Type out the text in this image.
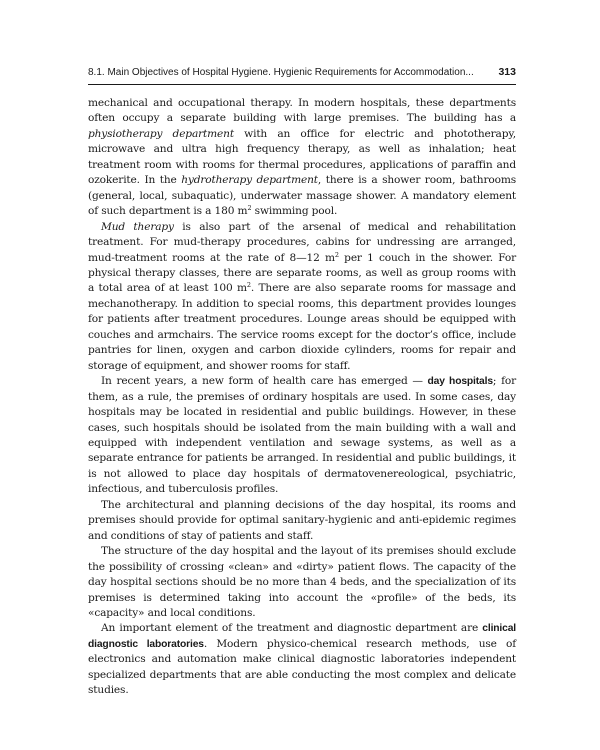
8.1. Main Objectives of Hospital Hygiene. Hygienic Requirements for Accommodation... 313

mechanical and occupational therapy. In modern hospitals, these departments often occupy a separate building with large premises. The building has a physiotherapy department with an office for electric and phototherapy, microwave and ultra high frequency therapy, as well as inhalation; heat treatment room with rooms for thermal procedures, applications of paraffin and ozokerite. In the hydrotherapy department, there is a shower room, bathrooms (general, local, subaquatic), underwater massage shower. A mandatory element of such department is a 180 $m^2$ swimming pool.

Mud therapy is also part of the arsenal of medical and rehabilitation treatment. For mud-therapy procedures, cabins for undressing are arranged, mud-treatment rooms at the rate of 8—12 $m^2$ per 1 couch in the shower. For physical therapy classes, there are separate rooms, as well as group rooms with a total area of at least 100 $m^2$. There are also separate rooms for massage and mechanotherapy. In addition to special rooms, this department provides lounges for patients after treatment procedures. Lounge areas should be equipped with couches and armchairs. The service rooms except for the doctor’s office, include pantries for linen, oxygen and carbon dioxide cylinders, rooms for repair and storage of equipment, and shower rooms for staff.

In recent years, a new form of health care has emerged — day hospitals; for them, as a rule, the premises of ordinary hospitals are used. In some cases, day hospitals may be located in residential and public buildings. However, in these cases, such hospitals should be isolated from the main building with a wall and equipped with independent ventilation and sewage systems, as well as a separate entrance for patients be arranged. In residential and public buildings, it is not allowed to place day hospitals of dermatovenereological, psychiatric, infectious, and tuberculosis profiles.

The architectural and planning decisions of the day hospital, its rooms and premises should provide for optimal sanitary-hygienic and anti-epidemic regimes and conditions of stay of patients and staff.

The structure of the day hospital and the layout of its premises should exclude the possibility of crossing «clean» and «dirty» patient flows. The capacity of the day hospital sections should be no more than 4 beds, and the specialization of its premises is determined taking into account the «profile» of the beds, its «capacity» and local conditions.

An important element of the treatment and diagnostic department are clinical diagnostic laboratories. Modern physico-chemical research methods, use of electronics and automation make clinical diagnostic laboratories independent specialized departments that are able conducting the most complex and delicate studies.
